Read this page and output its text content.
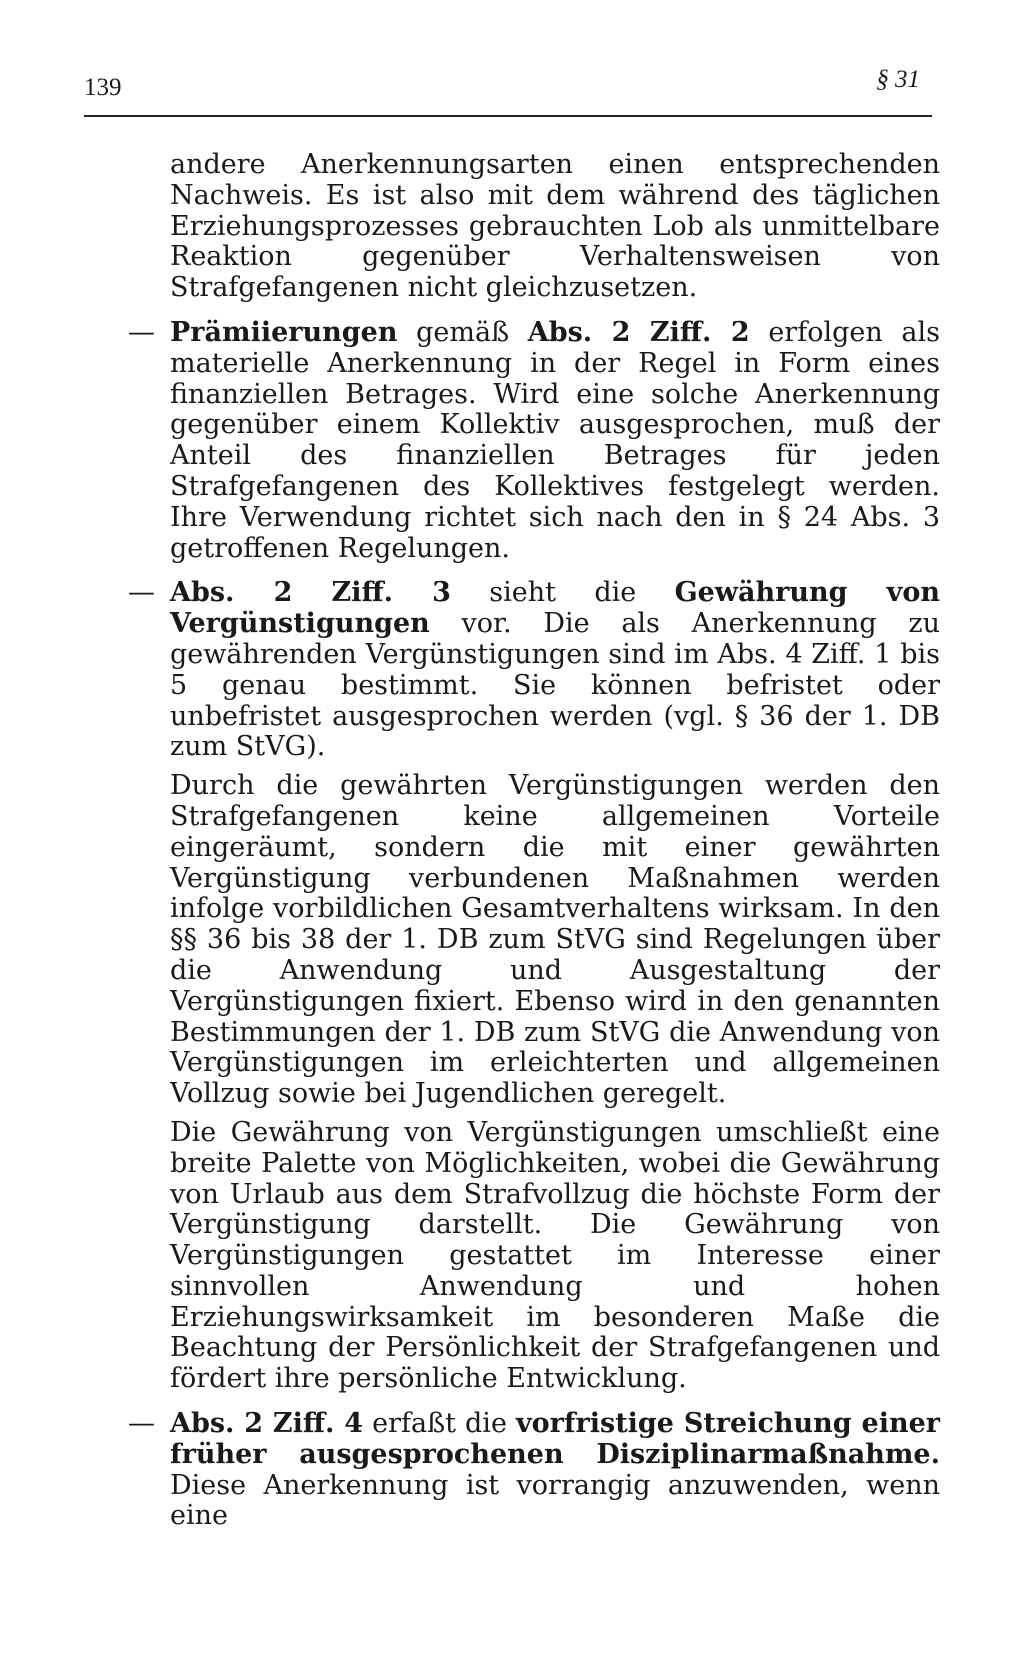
139	§ 31

andere Anerkennungsarten einen entsprechenden Nachweis. Es ist also mit dem während des täglichen Erziehungsprozesses gebrauchten Lob als unmittelbare Reaktion gegenüber Verhaltensweisen von Strafgefangenen nicht gleichzusetzen.

— Prämiierungen gemäß Abs. 2 Ziff. 2 erfolgen als materielle Anerkennung in der Regel in Form eines finanziellen Betrages. Wird eine solche Anerkennung gegenüber einem Kollektiv ausgesprochen, muß der Anteil des finanziellen Betrages für jeden Strafgefangenen des Kollektives festgelegt werden. Ihre Verwendung richtet sich nach den in § 24 Abs. 3 getroffenen Regelungen.

— Abs. 2 Ziff. 3 sieht die Gewährung von Vergünstigungen vor. Die als Anerkennung zu gewährenden Vergünstigungen sind im Abs. 4 Ziff. 1 bis 5 genau bestimmt. Sie können befristet oder unbefristet ausgesprochen werden (vgl. § 36 der 1. DB zum StVG).

Durch die gewährten Vergünstigungen werden den Strafgefangenen keine allgemeinen Vorteile eingeräumt, sondern die mit einer gewährten Vergünstigung verbundenen Maßnahmen werden infolge vorbildlichen Gesamtverhaltens wirksam. In den §§ 36 bis 38 der 1. DB zum StVG sind Regelungen über die Anwendung und Ausgestaltung der Vergünstigungen fixiert. Ebenso wird in den genannten Bestimmungen der 1. DB zum StVG die Anwendung von Vergünstigungen im erleichterten und allgemeinen Vollzug sowie bei Jugendlichen geregelt.

Die Gewährung von Vergünstigungen umschließt eine breite Palette von Möglichkeiten, wobei die Gewährung von Urlaub aus dem Strafvollzug die höchste Form der Vergünstigung darstellt. Die Gewährung von Vergünstigungen gestattet im Interesse einer sinnvollen Anwendung und hohen Erziehungswirksamkeit im besonderen Maße die Beachtung der Persönlichkeit der Strafgefangenen und fördert ihre persönliche Entwicklung.

— Abs. 2 Ziff. 4 erfaßt die vorfristige Streichung einer früher ausgesprochenen Disziplinarmaßnahme. Diese Anerkennung ist vorrangig anzuwenden, wenn eine
